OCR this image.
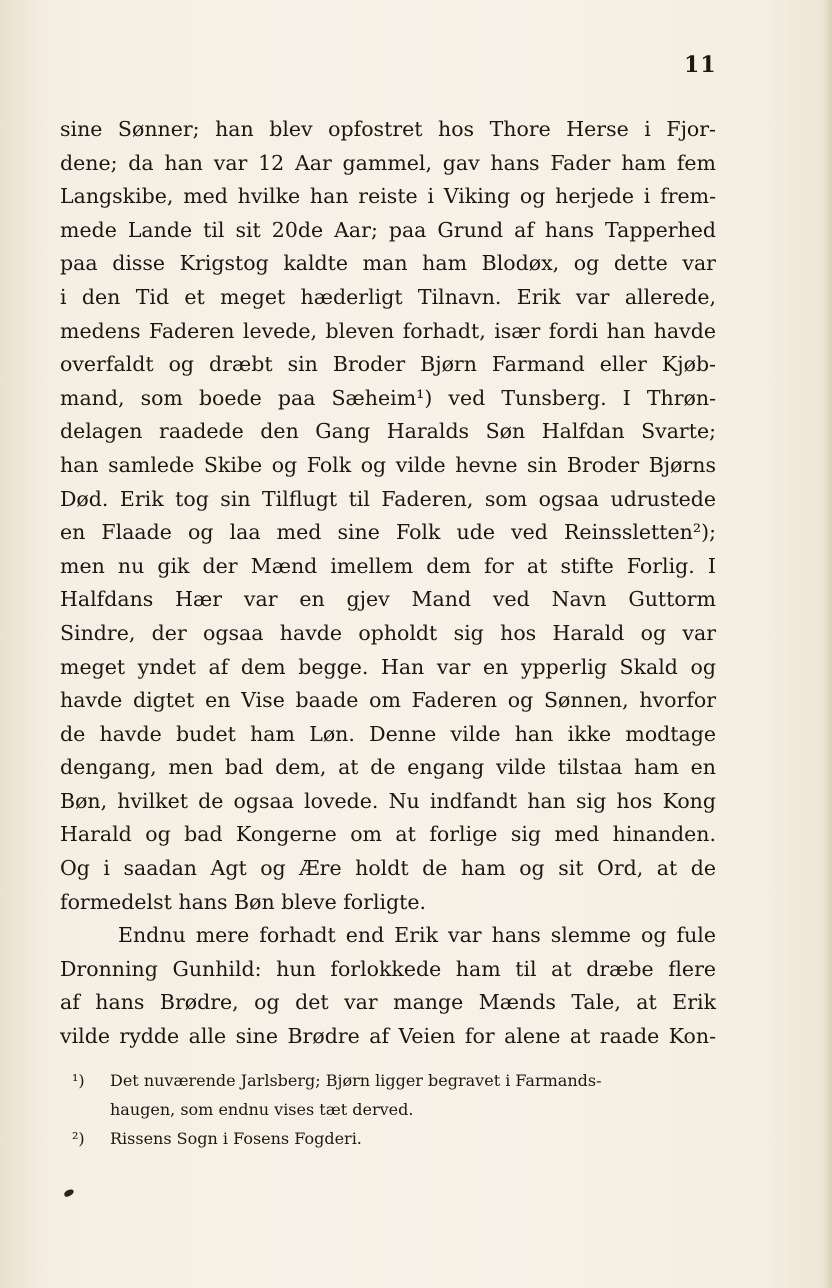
11
sine Sønner; han blev opfostret hos Thore Herse i Fjor-
dene; da han var 12 Aar gammel, gav hans Fader ham fem
Langskibe, med hvilke han reiste i Viking og herjede i frem-
mede Lande til sit 20de Aar; paa Grund af hans Tapperhed
paa disse Krigstog kaldte man ham Blodøx, og dette var
i den Tid et meget hæderligt Tilnavn. Erik var allerede,
medens Faderen levede, bleven forhadt, især fordi han havde
overfaldt og dræbt sin Broder Bjørn Farmand eller Kjøb-
mand, som boede paa Sæheim¹) ved Tunsberg. I Thrøn-
delagen raadede den Gang Haralds Søn Halfdan Svarte;
han samlede Skibe og Folk og vilde hevne sin Broder Bjørns
Død. Erik tog sin Tilflugt til Faderen, som ogsaa udrustede
en Flaade og laa med sine Folk ude ved Reinssletten²);
men nu gik der Mænd imellem dem for at stifte Forlig. I
Halfdans Hær var en gjev Mand ved Navn Guttorm
Sindre, der ogsaa havde opholdt sig hos Harald og var
meget yndet af dem begge. Han var en ypperlig Skald og
havde digtet en Vise baade om Faderen og Sønnen, hvorfor
de havde budet ham Løn. Denne vilde han ikke modtage
dengang, men bad dem, at de engang vilde tilstaa ham en
Bøn, hvilket de ogsaa lovede. Nu indfandt han sig hos Kong
Harald og bad Kongerne om at forlige sig med hinanden.
Og i saadan Agt og Ære holdt de ham og sit Ord, at de
formedelst hans Bøn bleve forligte.
Endnu mere forhadt end Erik var hans slemme og fule
Dronning Gunhild: hun forlokkede ham til at dræbe flere
af hans Brødre, og det var mange Mænds Tale, at Erik
vilde rydde alle sine Brødre af Veien for alene at raade Kon-
¹) Det nuværende Jarlsberg; Bjørn ligger begravet i Farmands-
haugen, som endnu vises tæt derved.
²) Rissens Sogn i Fosens Fogderi.
